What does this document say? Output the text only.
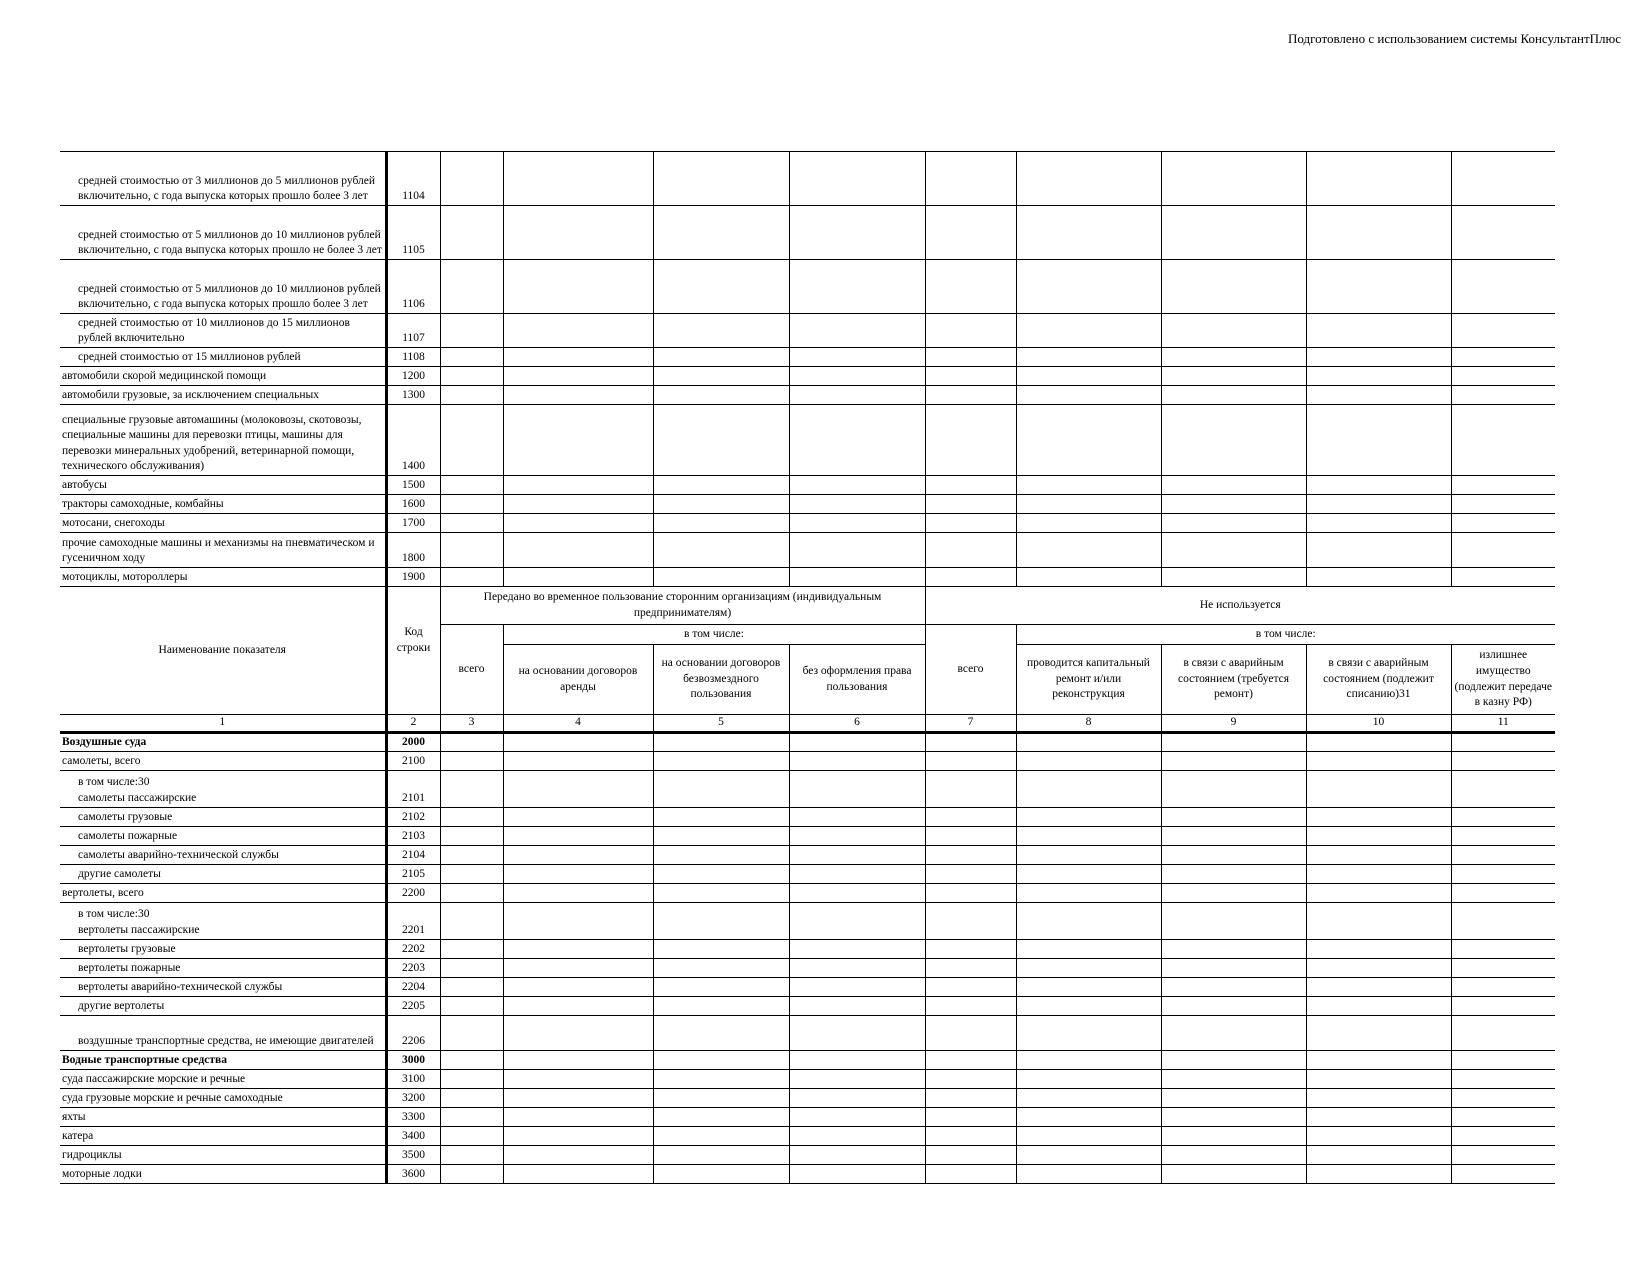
Подготовлено с использованием системы КонсультантПлюс
средней стоимостью от 3 миллионов до 5 миллионов рублей включительно, с года выпуска которых прошло более 3 лет	1104									
средней стоимостью от 5 миллионов до 10 миллионов рублей включительно, с года выпуска которых прошло не более 3 лет	1105									
средней стоимостью от 5 миллионов до 10 миллионов рублей включительно, с года выпуска которых прошло более 3 лет	1106									
средней стоимостью от 10 миллионов до 15 миллионов рублей включительно	1107									
средней стоимостью от 15 миллионов рублей	1108									
автомобили скорой медицинской помощи	1200									
автомобили грузовые, за исключением специальных	1300									
специальные грузовые автомашины (молоковозы, скотовозы, специальные машины для перевозки птицы, машины для перевозки минеральных удобрений, ветеринарной помощи, технического обслуживания)	1400									
автобусы	1500									
тракторы самоходные, комбайны	1600									
мотосани, снегоходы	1700									
прочие самоходные машины и механизмы на пневматическом и гусеничном ходу	1800									
мотоциклы, мотороллеры	1900									
Наименование показателя	Код строки	Передано во временное пользование сторонним организациям (индивидуальным предпринимателям)				Не используется				
		всего	в том числе:			всего	в том числе:			
			на основании договоров аренды	на основании договоров безвозмездного пользования	без оформления права пользования		проводится капитальный ремонт и/или реконструкция	в связи с аварийным состоянием (требуется ремонт)	в связи с аварийным состоянием (подлежит списанию)31	излишнее имущество (подлежит передаче в казну РФ)

1	2	3	4	5	6	7	8	9	10	11
Воздушные суда	2000									
самолеты, всего	2100									
в том числе:30
самолеты пассажирские	2101									
самолеты грузовые	2102									
самолеты пожарные	2103									
самолеты аварийно-технической службы	2104									
другие самолеты	2105									
вертолеты, всего	2200									
в том числе:30
вертолеты пассажирские	2201									
вертолеты грузовые	2202									
вертолеты пожарные	2203									
вертолеты аварийно-технической службы	2204									
другие вертолеты	2205									
воздушные транспортные средства, не имеющие двигателей	2206									
Водные транспортные средства	3000									
суда пассажирские морские и речные	3100									
суда грузовые морские и речные самоходные	3200									
яхты	3300									
катера	3400									
гидроциклы	3500									
моторные лодки	3600									
